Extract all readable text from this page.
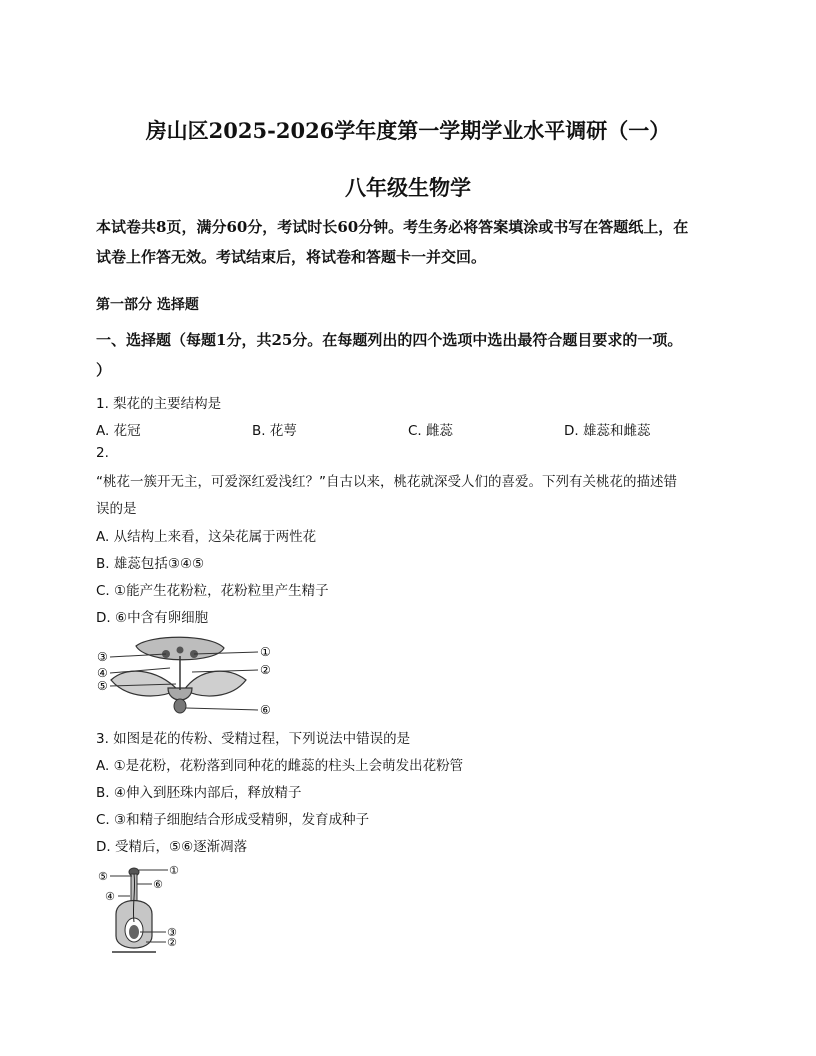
房山区2025-2026学年度第一学期学业水平调研（一）
八年级生物学
本试卷共8页，满分60分，考试时长60分钟。考生务必将答案填涂或书写在答题纸上，在
试卷上作答无效。考试结束后，将试卷和答题卡一并交回。
第一部分 选择题
一、选择题（每题1分，共25分。在每题列出的四个选项中选出最符合题目要求的一项。
）
1. 梨花的主要结构是
A. 花冠	B. 花萼	C. 雌蕊	D. 雄蕊和雌蕊
2.
“桃花一簇开无主，可爱深红爱浅红？”自古以来，桃花就深受人们的喜爱。下列有关桃花的描述错
误的是
A. 从结构上来看，这朵花属于两性花
B. 雄蕊包括③④⑤
C. ①能产生花粉粒，花粉粒里产生精子
D. ⑥中含有卵细胞
③
④
⑤
①
②
⑥
3. 如图是花的传粉、受精过程，下列说法中错误的是
A. ①是花粉，花粉落到同种花的雌蕊的柱头上会萌发出花粉管
B. ④伸入到胚珠内部后，释放精子
C. ③和精子细胞结合形成受精卵，发育成种子
D. 受精后，⑤⑥逐渐凋落
⑤
④
⑥
①
③
②
